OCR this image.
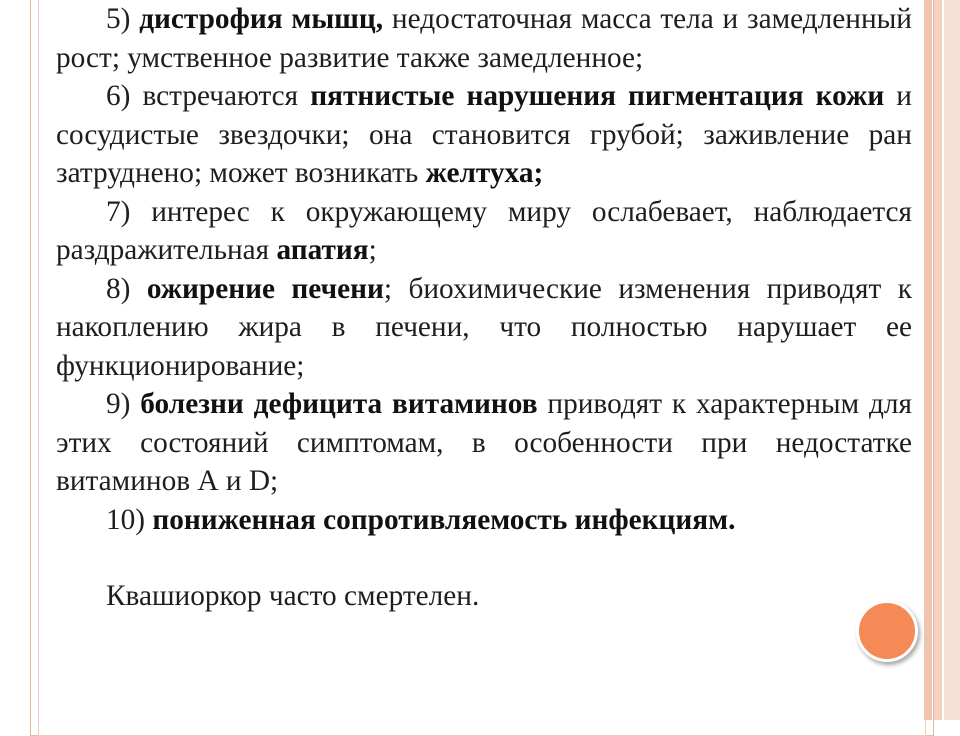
5) дистрофия мышц, недостаточная масса тела и замедленный рост; умственное развитие также замедленное;

6) встречаются пятнистые нарушения пигментация кожи и сосудистые звездочки; она становится грубой; заживление ран затруднено; может возникать желтуха;

7) интерес к окружающему миру ослабевает, наблюдается раздражительная апатия;

8) ожирение печени; биохимические изменения приводят к накоплению жира в печени, что полностью нарушает ее функционирование;

9) болезни дефицита витаминов приводят к характерным для этих состояний симптомам, в особенности при недостатке витаминов А и D;

10) пониженная сопротивляемость инфекциям.

Квашиоркор часто смертелен.
